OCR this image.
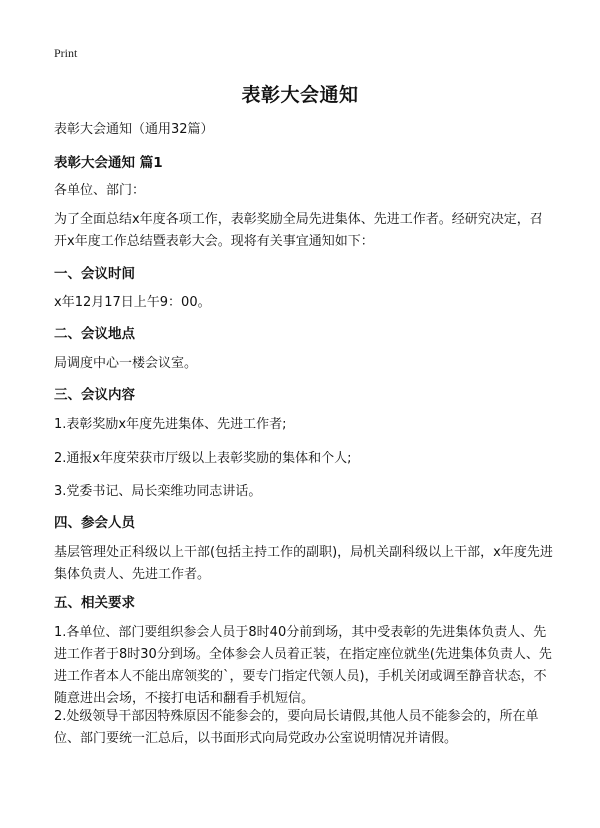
Print
表彰大会通知
表彰大会通知（通用32篇）
表彰大会通知 篇1
各单位、部门：
为了全面总结x年度各项工作，表彰奖励全局先进集体、先进工作者。经研究决定，召开x年度工作总结暨表彰大会。现将有关事宜通知如下：
一、会议时间
x年12月17日上午9：00。
二、会议地点
局调度中心一楼会议室。
三、会议内容
1.表彰奖励x年度先进集体、先进工作者;
2.通报x年度荣获市厅级以上表彰奖励的集体和个人;
3.党委书记、局长栾维功同志讲话。
四、参会人员
基层管理处正科级以上干部(包括主持工作的副职)，局机关副科级以上干部，x年度先进集体负责人、先进工作者。
五、相关要求
1.各单位、部门要组织参会人员于8时40分前到场，其中受表彰的先进集体负责人、先进工作者于8时30分到场。全体参会人员着正装，在指定座位就坐(先进集体负责人、先进工作者本人不能出席领奖的`，要专门指定代领人员)，手机关闭或调至静音状态，不随意进出会场，不接打电话和翻看手机短信。
2.处级领导干部因特殊原因不能参会的，要向局长请假,其他人员不能参会的，所在单位、部门要统一汇总后，以书面形式向局党政办公室说明情况并请假。
